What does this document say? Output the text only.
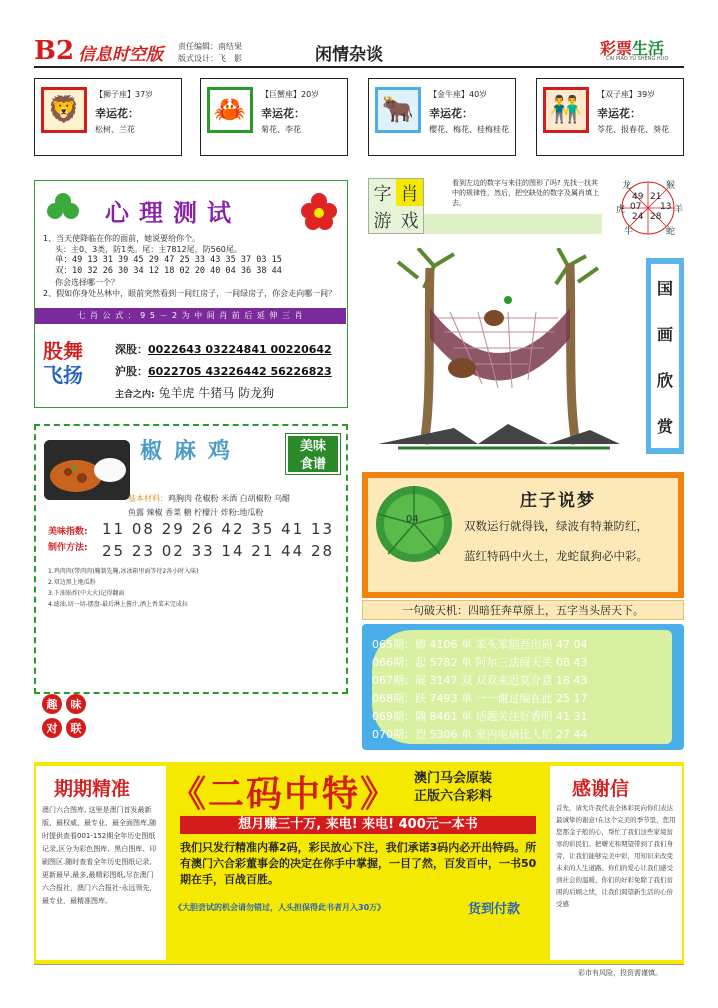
B2 信息时空版 责任编辑：南结果
版式设计：飞　影	闲情杂谈	彩票生活
CAI PIAO YU SHENG HUO
🦁
【狮子座】37岁
幸运花：
松树、兰花
🦀
【巨蟹座】20岁
幸运花：
菊花、李花
🐂
【金牛座】40岁
幸运花：
樱花、梅花、桂梅桂花
👬
【双子座】39岁
幸运花：
苓花、报春花、葵花
心理测试
1、当天使降临在你的面前，她说要给你个。
头：主0、3类，防1类。尾：主7812尾，防560尾。
单：49 13 31 39 45 29 47 25 33 43 35 37 03 15
双：10 32 26 30 34 12 18 02 20 40 04 36 38 44
你会选择哪一个？
2、假如你身处丛林中，眼前突然看到一间红房子，一间绿房子，你会走向哪一间？
七 肖 公 式 ： 9 5 － 2 为 中 间 肖 前 后 延 伸 三 肖
股舞
飞扬
深股：0022643 03224841 00220642
沪股：6022705 43226442 56226823
主合之内: 兔羊虎 牛猪马 防龙狗
字 肖
游 戏
看到左边的数字与来往的图形了吗? 先找一找其中的规律性，然后，把空缺处的数字及属肖填上去。
龙	猴
49 21
虎 07 13 羊
24 28
牛	蛇
国
画
欣
赏
椒麻鸡	美味
食谱
基本材料：鸡胸肉 花椒粉 米酒 白胡椒粉 乌醋
鱼露 辣椒 香菜 糖 柠檬汁 炸粉:地瓜粉
美味指数: 11 08 29 26 42 35 41 13
制作方法: 25 23 02 33 14 21 44 28
1.鸡肉肉(带肉肉)腌制先腌,冰冰箱里面等待2各小时入味)
2.双边黑上地瓜粉
3.下油锅炸(中大火)记得翻面
4.滤油,切一切-摆盘-最后淋上酱汁,洒上香菜末完成拉
趣	味
对	联
04
庄子说梦
双数运行就得钱，绿波有特兼防红，
蓝红特码中火土，龙蛇鼠狗必中彩。
一句破天机：四暗狂奔草原上，五字当头居天下。
065期：脚 4106 单 笨头笨脑吾出码 47 04
066期：起 5782 单 阿尔三法闯天关 08 43
067期：展 3147 双 双双来迟莫介意 18 43
068期：跃 7493 单 一一谢过编在此 25 17
069期：隅 8461 单 话题关注好香明 41 31
070期：烈 5306 单 室内电扇比人忙 27 44
期期精准
澳门六合图库, 这里是澳门首发最新版、最权威、最专业、最全面图库,随时提供查看001-152期全年历史图纸记录,区分为彩色图库、黑白图库、印刷图区.随时查看全年历史图纸记录, 更新最早,最多,最精彩图纸,尽在澳门六合报社，澳门六合报社-永远领先，最专业，最精准图库。
《二码中特》 澳门马会原装
正版六合彩料
想月赚三十万, 来电! 来电! 400元一本书
我们只发行精准内幕2码，彩民放心下注，我们承诺3码内必开出特码。所有澳门六合彩董事会的决定在你手中掌握，一目了然，百发百中，一书50期在手，百战百胜。
《大胆尝试的机会请勿错过，人头担保得此书者月入30万》	货到付款
感谢信
首先，请允许我代表全体彩民向你们表达最诚挚的谢意!在这个完美的季节里，您用您那金子般的心，帮忙了我们这些家境贫寒的彩民们。把曙光和期望带到了我们身旁，让我们能够完美中彩，用知识来改变未来的人生道路。你们的爱心让我们感受到社会的温暖，你们的好彩免除了我们贫困的后顾之忧，让我们渴望新生活的心倍受感
彩市有风险，投资需谨慎。
